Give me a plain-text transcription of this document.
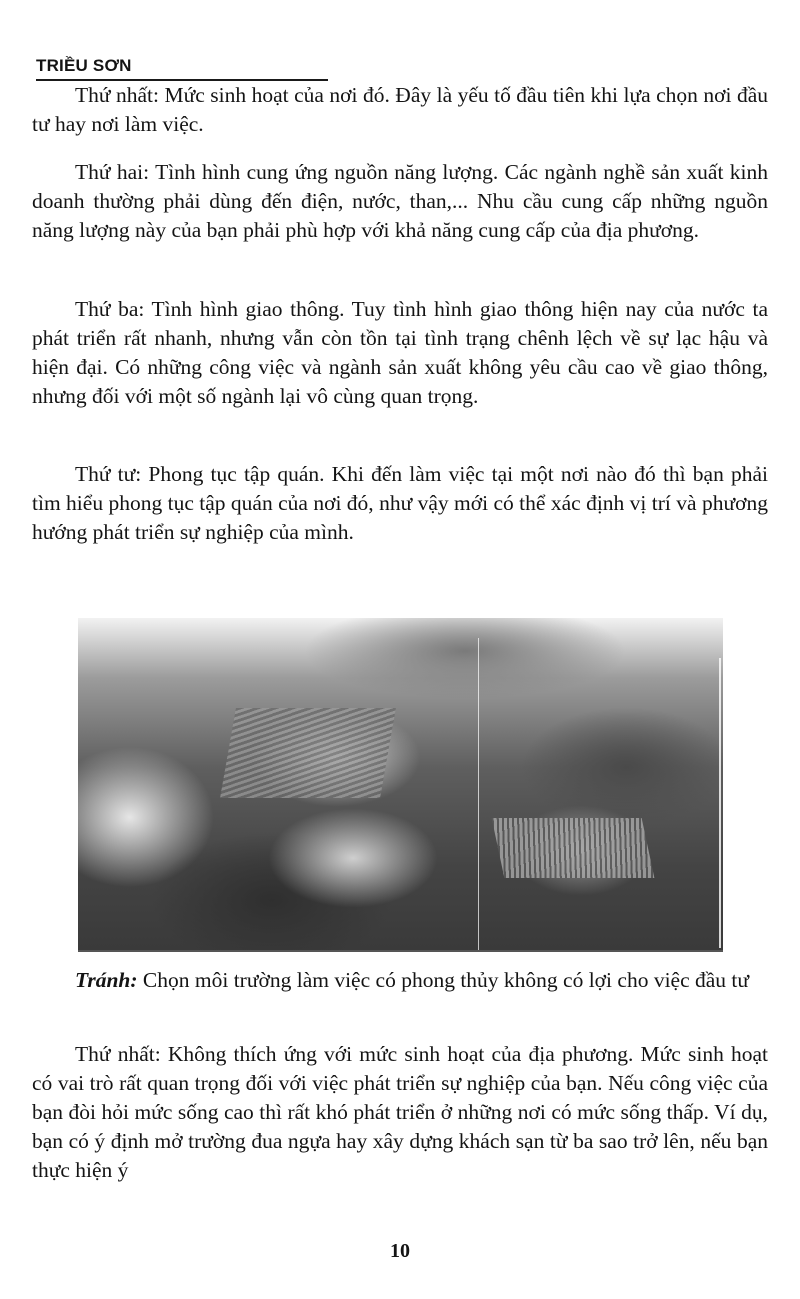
TRIỀU SƠN

Thứ nhất: Mức sinh hoạt của nơi đó. Đây là yếu tố đầu tiên khi lựa chọn nơi đầu tư hay nơi làm việc.

Thứ hai: Tình hình cung ứng nguồn năng lượng. Các ngành nghề sản xuất kinh doanh thường phải dùng đến điện, nước, than,... Nhu cầu cung cấp những nguồn năng lượng này của bạn phải phù hợp với khả năng cung cấp của địa phương.

Thứ ba: Tình hình giao thông. Tuy tình hình giao thông hiện nay của nước ta phát triển rất nhanh, nhưng vẫn còn tồn tại tình trạng chênh lệch về sự lạc hậu và hiện đại. Có những công việc và ngành sản xuất không yêu cầu cao về giao thông, nhưng đối với một số ngành lại vô cùng quan trọng.

Thứ tư: Phong tục tập quán. Khi đến làm việc tại một nơi nào đó thì bạn phải tìm hiểu phong tục tập quán của nơi đó, như vậy mới có thể xác định vị trí và phương hướng phát triển sự nghiệp của mình.

Tránh: Chọn môi trường làm việc có phong thủy không có lợi cho việc đầu tư

Thứ nhất: Không thích ứng với mức sinh hoạt của địa phương. Mức sinh hoạt có vai trò rất quan trọng đối với việc phát triển sự nghiệp của bạn. Nếu công việc của bạn đòi hỏi mức sống cao thì rất khó phát triển ở những nơi có mức sống thấp. Ví dụ, bạn có ý định mở trường đua ngựa hay xây dựng khách sạn từ ba sao trở lên, nếu bạn thực hiện ý

10
